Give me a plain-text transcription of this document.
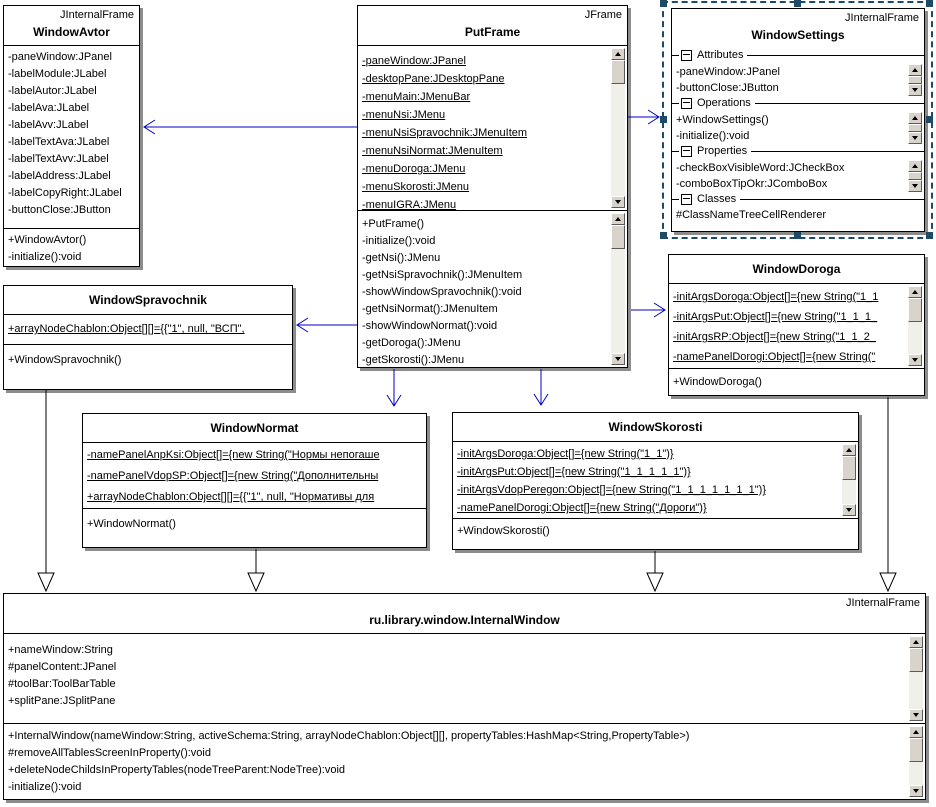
JInternalFrame
WindowAvtor
-paneWindow:JPanel
-labelModule:JLabel
-labelAutor:JLabel
-labelAva:JLabel
-labelAvv:JLabel
-labelTextAva:JLabel
-labelTextAvv:JLabel
-labelAddress:JLabel
-labelCopyRight:JLabel
-buttonClose:JButton
+WindowAvtor()
-initialize():void
JFrame
PutFrame
-paneWindow:JPanel
-desktopPane:JDesktopPane
-menuMain:JMenuBar
-menuNsi:JMenu
-menuNsiSpravochnik:JMenuItem
-menuNsiNormat:JMenuItem
-menuDoroga:JMenu
-menuSkorosti:JMenu
-menuIGRA:JMenu
+PutFrame()
-initialize():void
-getNsi():JMenu
-getNsiSpravochnik():JMenuItem
-showWindowSpravochnik():void
-getNsiNormat():JMenuItem
-showWindowNormat():void
-getDoroga():JMenu
-getSkorosti():JMenu
JInternalFrame
WindowSettings
Attributes
-paneWindow:JPanel
-buttonClose:JButton
Operations
+WindowSettings()
-initialize():void
Properties
-checkBoxVisibleWord:JCheckBox
-comboBoxTipOkr:JComboBox
Classes
#ClassNameTreeCellRenderer
WindowSpravochnik
+arrayNodeChablon:Object[][]={{"1", null, "ВСП",
+WindowSpravochnik()
WindowDoroga
-initArgsDoroga:Object[]={new String("1_1
-initArgsPut:Object[]={new String("1_1_1_
-initArgsRP:Object[]={new String("1_1_2_
-namePanelDorogi:Object[]={new String("
+WindowDoroga()
WindowNormat
-namePanelAnpKsi:Object[]={new String("Нормы непогаше
-namePanelVdopSP:Object[]={new String("Дополнительны
+arrayNodeChablon:Object[][]={{"1", null, "Нормативы для
+WindowNormat()
WindowSkorosti
-initArgsDoroga:Object[]={new String("1_1")}
-initArgsPut:Object[]={new String("1_1_1_1_1")}
-initArgsVdopPeregon:Object[]={new String("1_1_1_1_1_1_1")}
-namePanelDorogi:Object[]={new String("Дороги")}
+WindowSkorosti()
JInternalFrame
ru.library.window.InternalWindow
+nameWindow:String
#panelContent:JPanel
#toolBar:ToolBarTable
+splitPane:JSplitPane
+InternalWindow(nameWindow:String, activeSchema:String, arrayNodeChablon:Object[][], propertyTables:HashMap<String,PropertyTable>)
#removeAllTablesScreenInProperty():void
+deleteNodeChildsInPropertyTables(nodeTreeParent:NodeTree):void
-initialize():void
